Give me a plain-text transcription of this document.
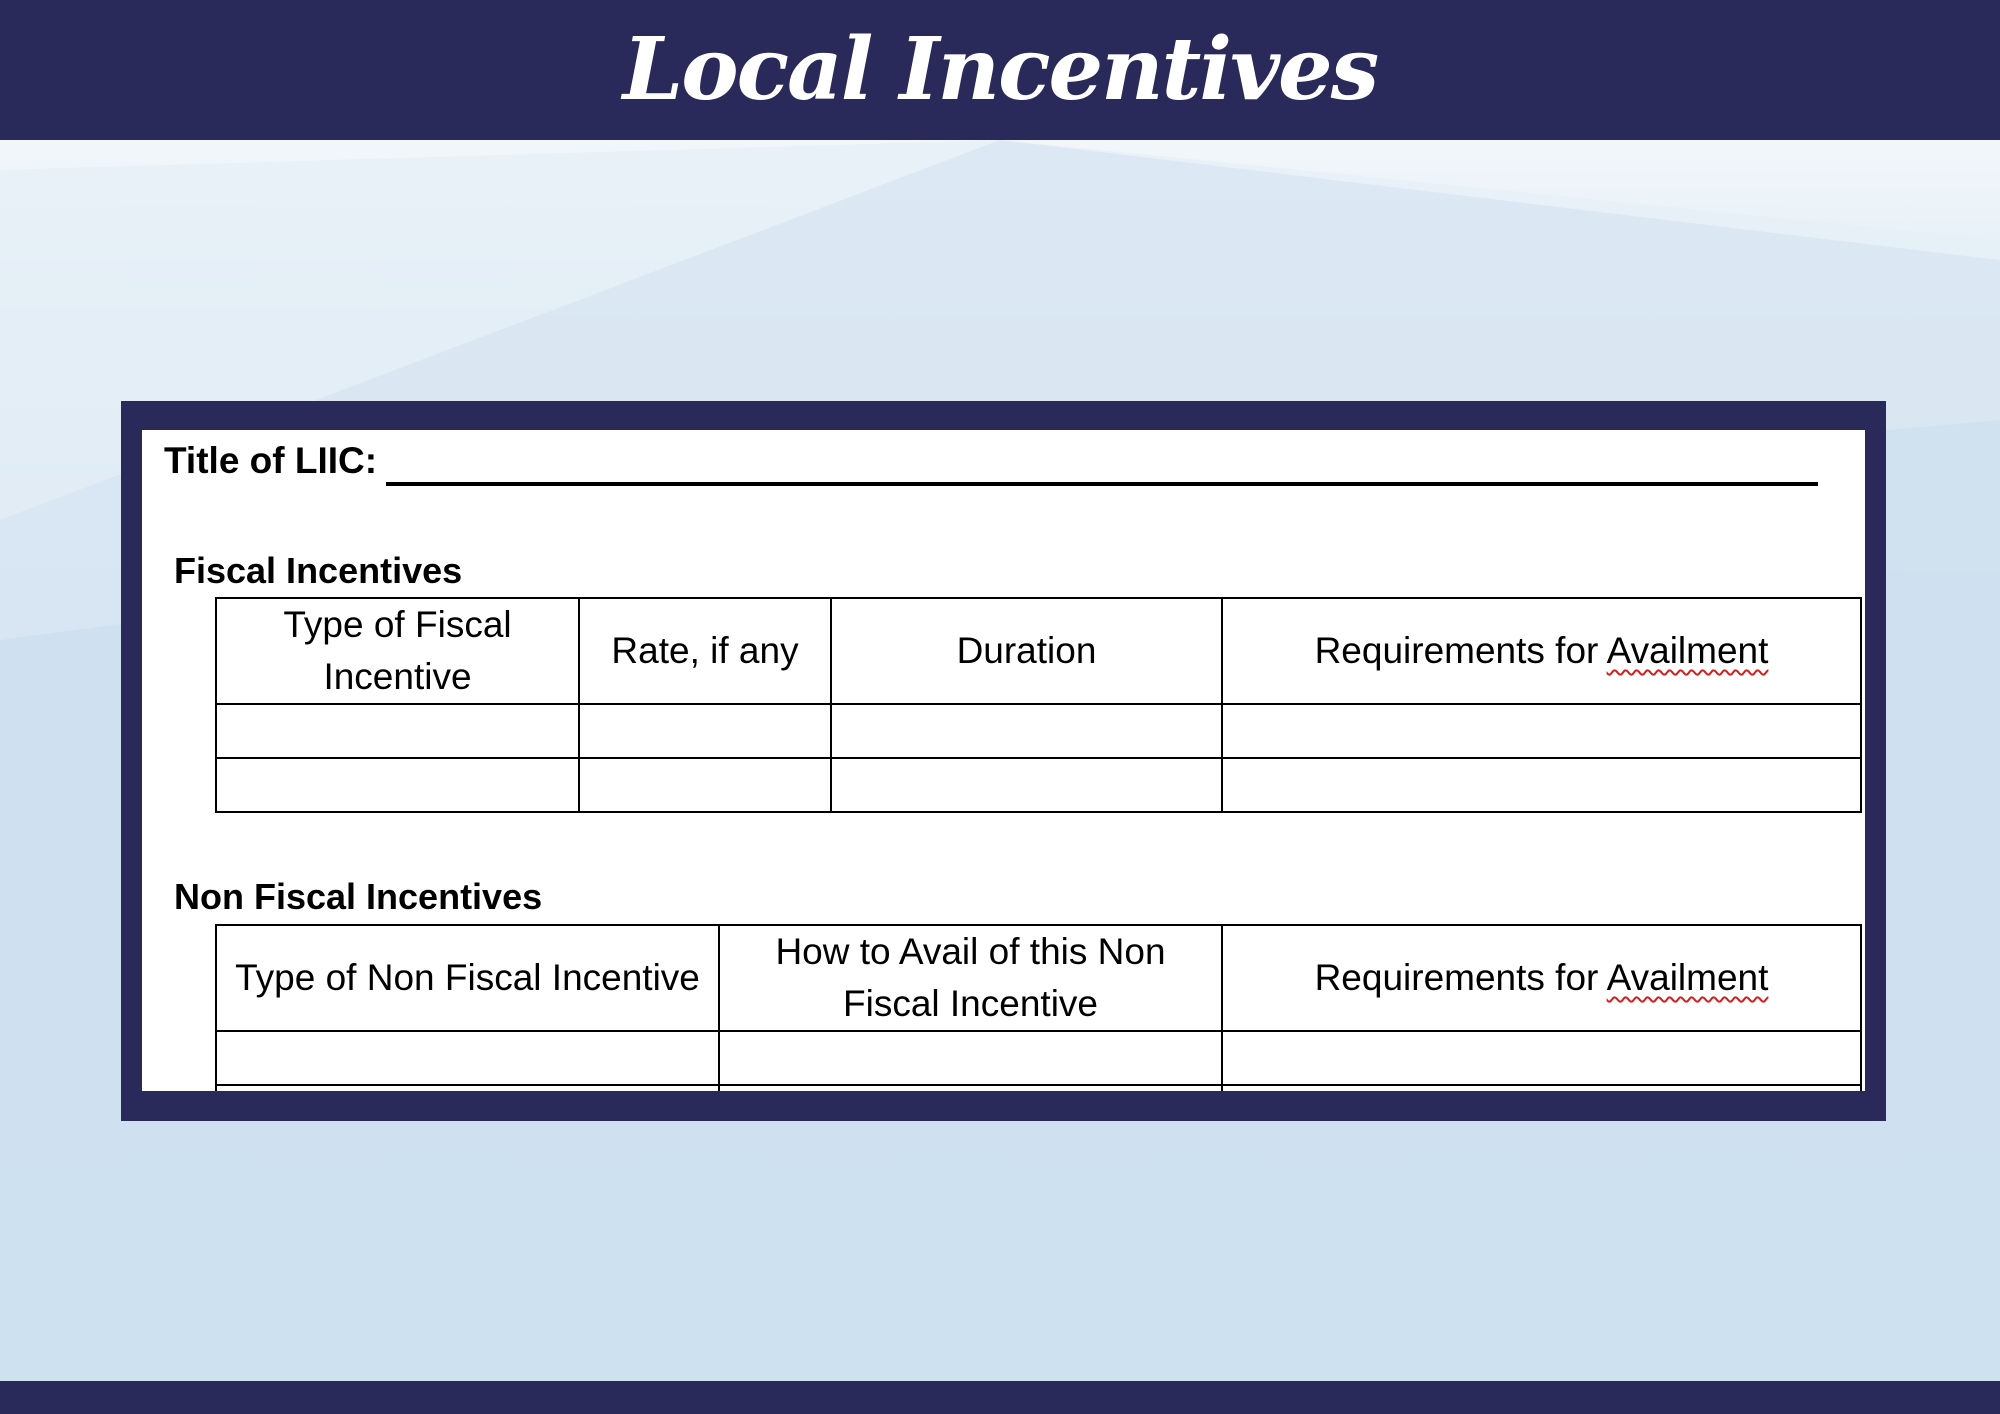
Local Incentives
Title of LIIC:
Fiscal Incentives
Type of Fiscal Incentive	Rate, if any	Duration	Requirements for Availment

Non Fiscal Incentives
Type of Non Fiscal Incentive	How to Avail of this Non Fiscal Incentive	Requirements for Availment
